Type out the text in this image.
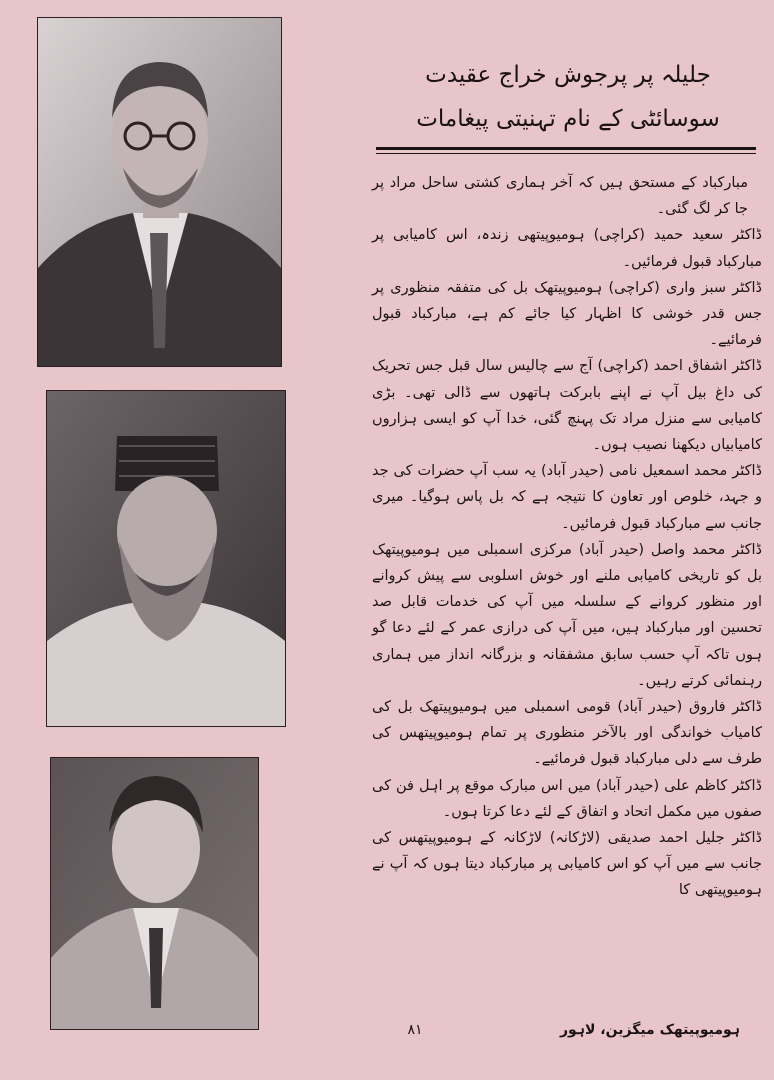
جلیلہ پر پرجوش خراج عقیدت
سوسائٹی کے نام تہنیتی پیغامات

مبارکباد کے مستحق ہیں کہ آخر ہماری کشتی ساحل مراد پر جا کر لگ گئی۔

ڈاکٹر سعید حمید (کراچی) ہومیوپیتھی زندہ، اس کامیابی پر مبارکباد قبول فرمائیں۔

ڈاکٹر سبز واری (کراچی) ہومیوپیتھک بل کی متفقہ منظوری پر جس قدر خوشی کا اظہار کیا جائے کم ہے، مبارکباد قبول فرمائیے۔

ڈاکٹر اشفاق احمد (کراچی) آج سے چالیس سال قبل جس تحریک کی داغ بیل آپ نے اپنے بابرکت ہاتھوں سے ڈالی تھی۔ بڑی کامیابی سے منزل مراد تک پہنچ گئی، خدا آپ کو ایسی ہزاروں کامیابیاں دیکھنا نصیب ہوں۔

ڈاکٹر محمد اسمعیل نامی (حیدر آباد) یہ سب آپ حضرات کی جد و جہد، خلوص اور تعاون کا نتیجہ ہے کہ بل پاس ہوگیا۔ میری جانب سے مبارکباد قبول فرمائیں۔

ڈاکٹر محمد واصل (حیدر آباد) مرکزی اسمبلی میں ہومیوپیتھک بل کو تاریخی کامیابی ملنے اور خوش اسلوبی سے پیش کروانے اور منظور کروانے کے سلسلہ میں آپ کی خدمات قابل صد تحسین اور مبارکباد ہیں، میں آپ کی درازی عمر کے لئے دعا گو ہوں تاکہ آپ حسب سابق مشفقانہ و بزرگانہ انداز میں ہماری رہنمائی کرتے رہیں۔

ڈاکٹر فاروق (حیدر آباد) قومی اسمبلی میں ہومیوپیتھک بل کی کامیاب خواندگی اور بالآخر منظوری پر تمام ہومیوپیتھس کی طرف سے دلی مبارکباد قبول فرمائیے۔

ڈاکٹر کاظم علی (حیدر آباد) میں اس مبارک موقع پر اہل فن کی صفوں میں مکمل اتحاد و اتفاق کے لئے دعا کرتا ہوں۔

ڈاکٹر جلیل احمد صدیقی (لاڑکانہ) لاڑکانہ کے ہومیوپیتھس کی جانب سے میں آپ کو اس کامیابی پر مبارکباد دیتا ہوں کہ آپ نے ہومیوپیتھی کا

ہومیوپیتھک میگزین، لاہور
۸۱
